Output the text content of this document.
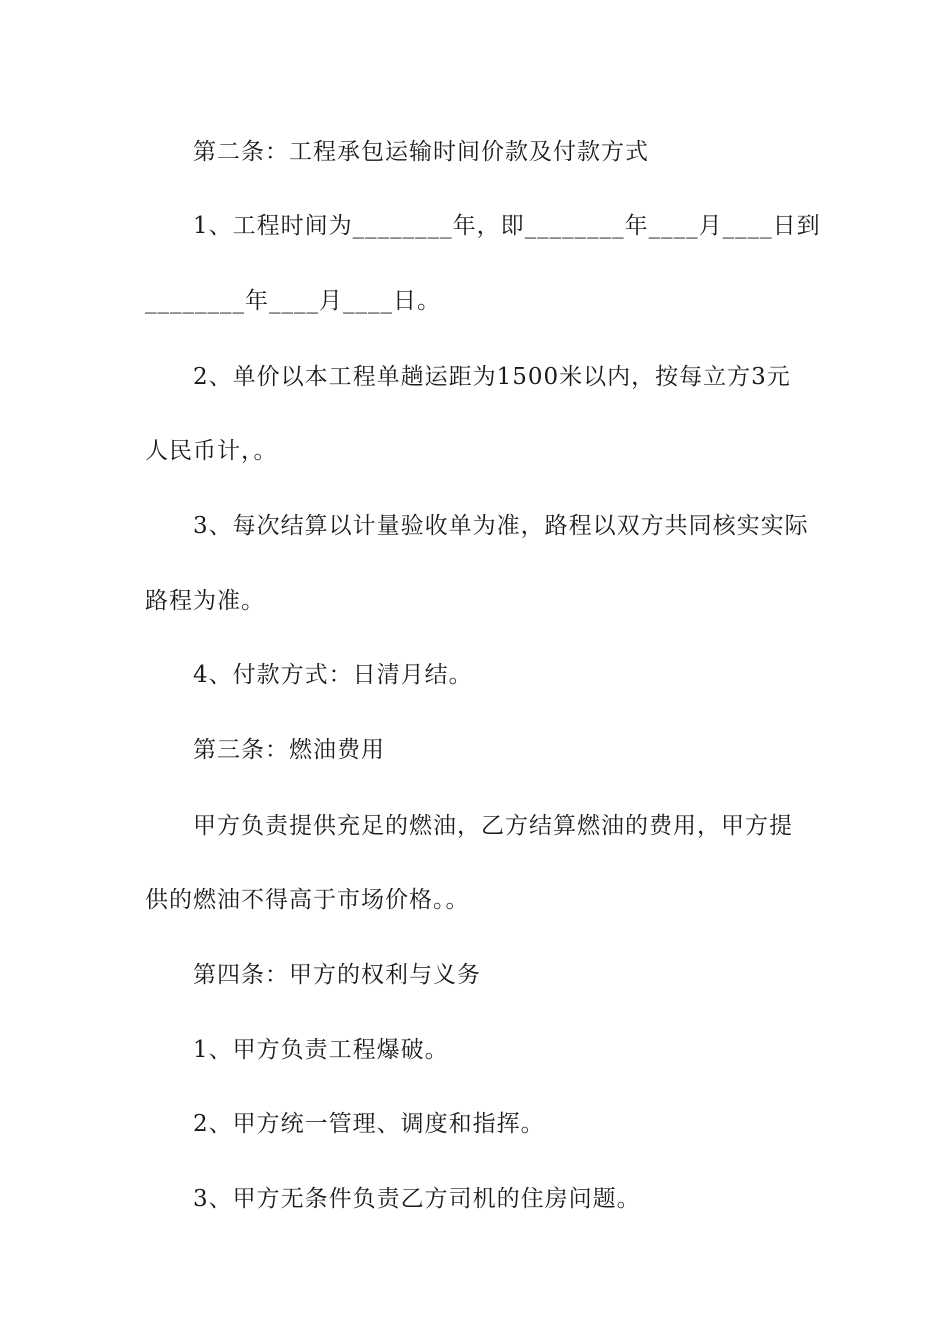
第二条：工程承包运输时间价款及付款方式
1、工程时间为________年，即________年____月____日到
________年____月____日。
2、单价以本工程单趟运距为1500米以内，按每立方3元
人民币计，。
3、每次结算以计量验收单为准，路程以双方共同核实实际
路程为准。
4、付款方式：日清月结。
第三条：燃油费用
甲方负责提供充足的燃油，乙方结算燃油的费用，甲方提
供的燃油不得高于市场价格。。
第四条：甲方的权利与义务
1、甲方负责工程爆破。
2、甲方统一管理、调度和指挥。
3、甲方无条件负责乙方司机的住房问题。
